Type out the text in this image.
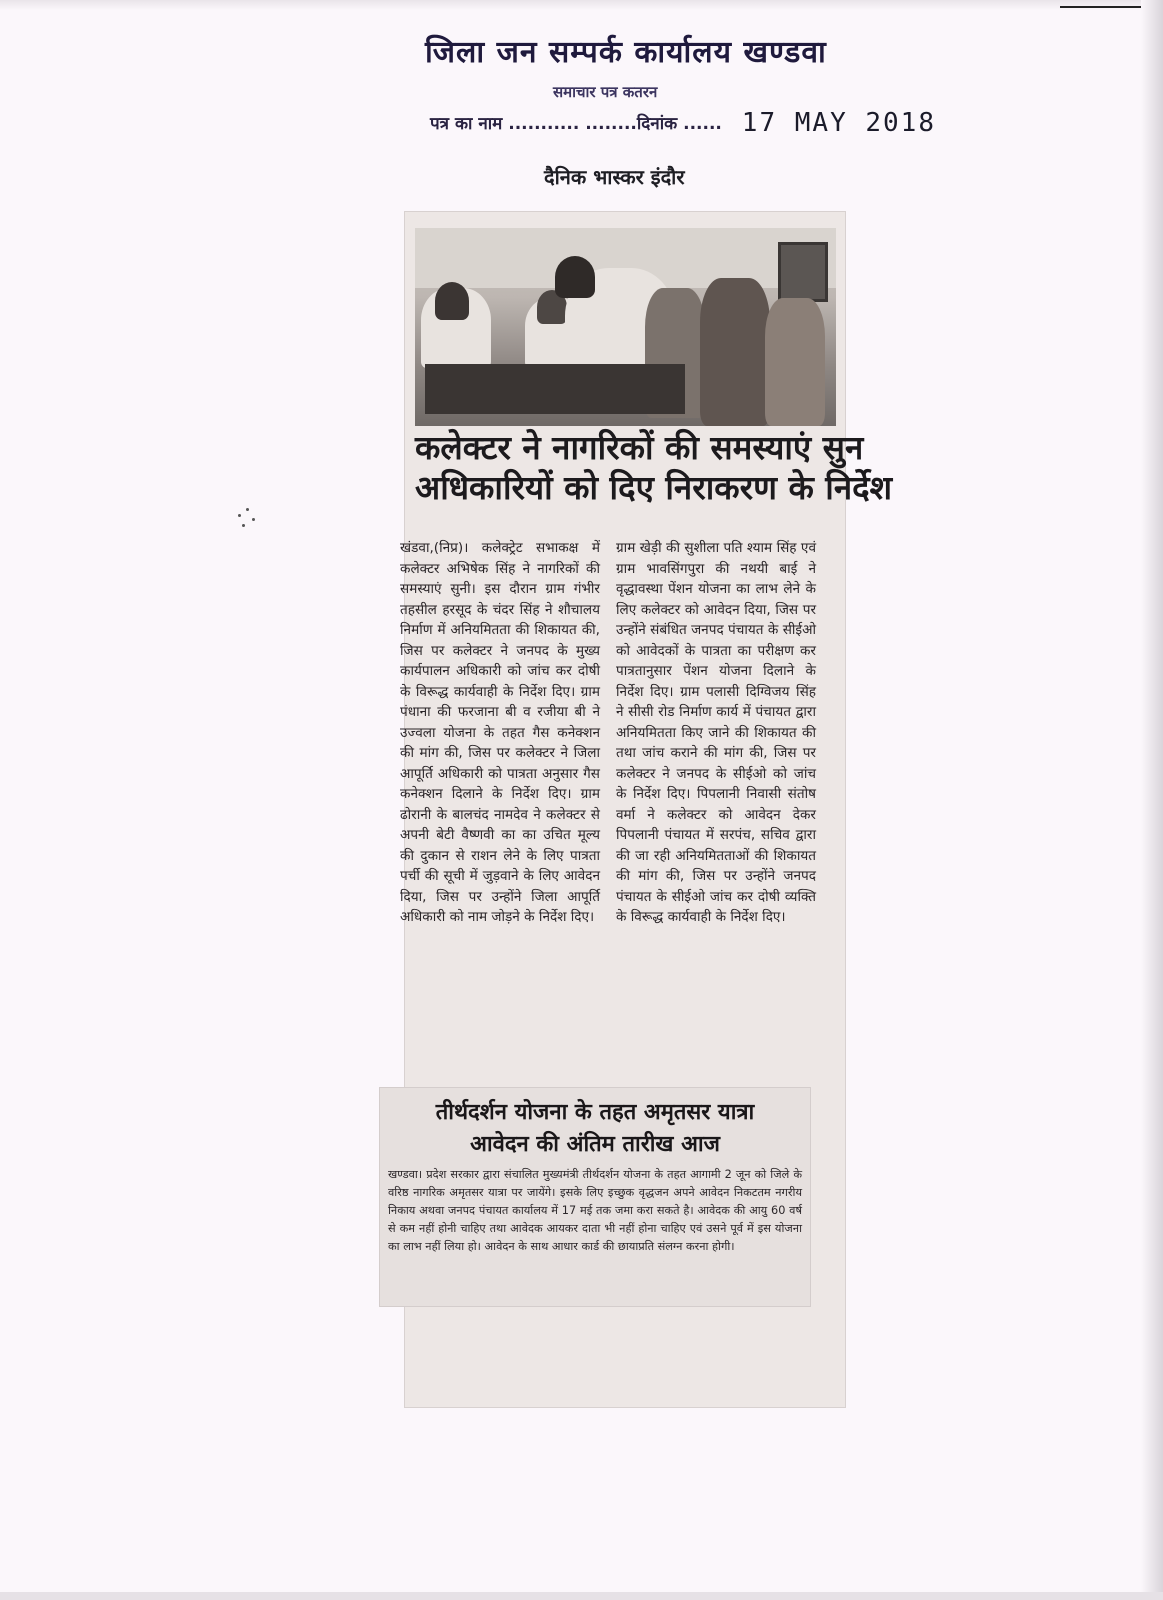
जिला जन सम्पर्क कार्यालय खण्डवा
समाचार पत्र कतरन
पत्र का नाम ........... ........दिनांक ...... 17 MAY 2018
दैनिक भास्कर इंदौर
कलेक्टर ने नागरिकों की समस्याएं सुन
अधिकारियों को दिए निराकरण के निर्देश
खंडवा,(निप्र)। कलेक्ट्रेट सभाकक्ष में कलेक्टर अभिषेक सिंह ने नागरिकों की समस्याएं सुनी। इस दौरान ग्राम गंभीर तहसील हरसूद के चंदर सिंह ने शौचालय निर्माण में अनियमितता की शिकायत की, जिस पर कलेक्टर ने जनपद के मुख्य कार्यपालन अधिकारी को जांच कर दोषी के विरूद्ध कार्यवाही के निर्देश दिए। ग्राम पंधाना की फरजाना बी व रजीया बी ने उज्वला योजना के तहत गैस कनेक्शन की मांग की, जिस पर कलेक्टर ने जिला आपूर्ति अधिकारी को पात्रता अनुसार गैस कनेक्शन दिलाने के निर्देश दिए। ग्राम ढोरानी के बालचंद नामदेव ने कलेक्टर से अपनी बेटी वैष्णवी का का उचित मूल्य की दुकान से राशन लेने के लिए पात्रता पर्ची की सूची में जुड़वाने के लिए आवेदन दिया, जिस पर उन्होंने जिला आपूर्ति अधिकारी को नाम जोड़ने के निर्देश दिए।
ग्राम खेड़ी की सुशीला पति श्याम सिंह एवं ग्राम भावसिंगपुरा की नथयी बाई ने वृद्धावस्था पेंशन योजना का लाभ लेने के लिए कलेक्टर को आवेदन दिया, जिस पर उन्होंने संबंधित जनपद पंचायत के सीईओ को आवेदकों के पात्रता का परीक्षण कर पात्रतानुसार पेंशन योजना दिलाने के निर्देश दिए। ग्राम पलासी दिग्विजय सिंह ने सीसी रोड निर्माण कार्य में पंचायत द्वारा अनियमितता किए जाने की शिकायत की तथा जांच कराने की मांग की, जिस पर कलेक्टर ने जनपद के सीईओ को जांच के निर्देश दिए। पिपलानी निवासी संतोष वर्मा ने कलेक्टर को आवेदन देकर पिपलानी पंचायत में सरपंच, सचिव द्वारा की जा रही अनियमितताओं की शिकायत की मांग की, जिस पर उन्होंने जनपद पंचायत के सीईओ जांच कर दोषी व्यक्ति के विरूद्ध कार्यवाही के निर्देश दिए।
तीर्थदर्शन योजना के तहत अमृतसर यात्रा
आवेदन की अंतिम तारीख आज
खण्डवा। प्रदेश सरकार द्वारा संचालित मुख्यमंत्री तीर्थदर्शन योजना के तहत आगामी 2 जून को जिले के वरिष्ठ नागरिक अमृतसर यात्रा पर जायेंगे। इसके लिए इच्छुक वृद्धजन अपने आवेदन निकटतम नगरीय निकाय अथवा जनपद पंचायत कार्यालय में 17 मई तक जमा करा सकते है। आवेदक की आयु 60 वर्ष से कम नहीं होनी चाहिए तथा आवेदक आयकर दाता भी नहीं होना चाहिए एवं उसने पूर्व में इस योजना का लाभ नहीं लिया हो। आवेदन के साथ आधार कार्ड की छायाप्रति संलग्न करना होगी।
